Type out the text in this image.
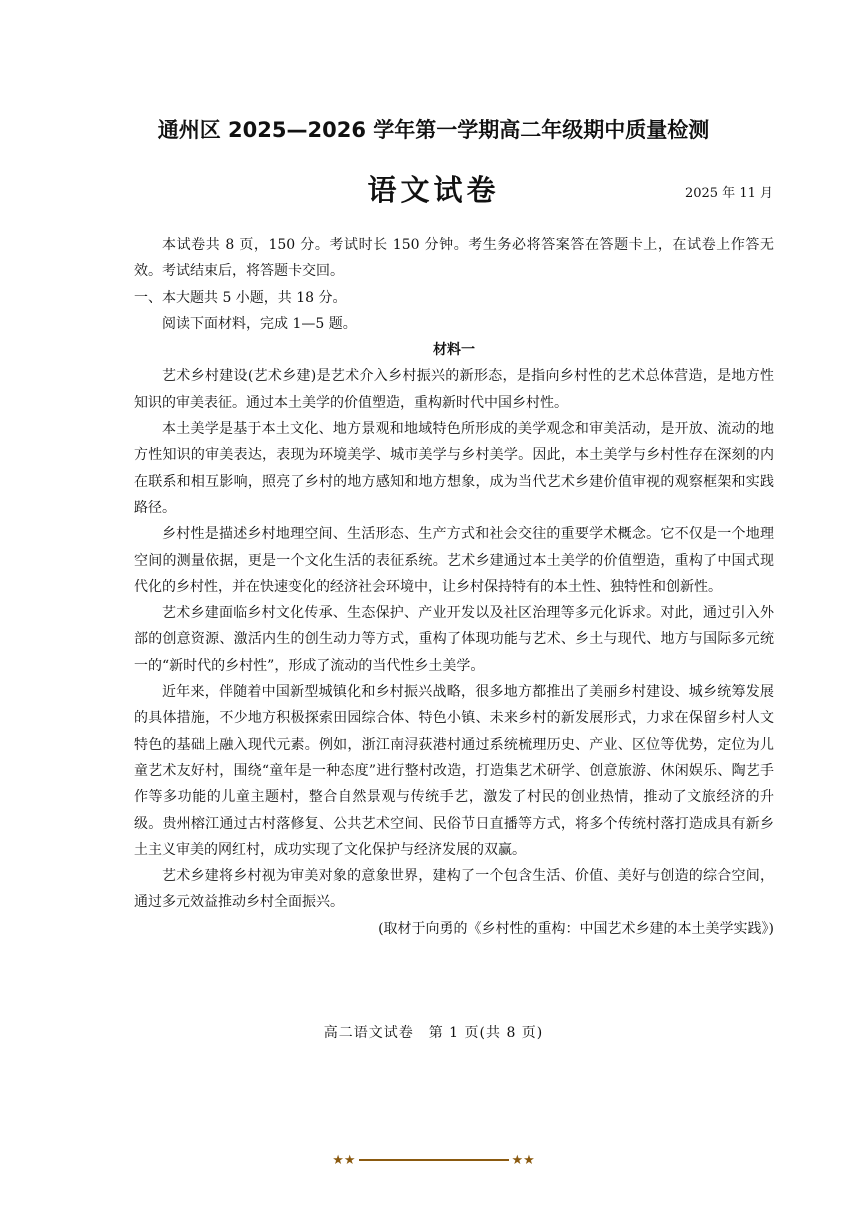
通州区 2025—2026 学年第一学期高二年级期中质量检测
语文试卷	2025 年 11 月

本试卷共 8 页，150 分。考试时长 150 分钟。考生务必将答案答在答题卡上，在试卷上作答无效。考试结束后，将答题卡交回。

一、本大题共 5 小题，共 18 分。

阅读下面材料，完成 1—5 题。

材料一

艺术乡村建设(艺术乡建)是艺术介入乡村振兴的新形态，是指向乡村性的艺术总体营造，是地方性知识的审美表征。通过本土美学的价值塑造，重构新时代中国乡村性。

本土美学是基于本土文化、地方景观和地域特色所形成的美学观念和审美活动，是开放、流动的地方性知识的审美表达，表现为环境美学、城市美学与乡村美学。因此，本土美学与乡村性存在深刻的内在联系和相互影响，照亮了乡村的地方感知和地方想象，成为当代艺术乡建价值审视的观察框架和实践路径。

乡村性是描述乡村地理空间、生活形态、生产方式和社会交往的重要学术概念。它不仅是一个地理空间的测量依据，更是一个文化生活的表征系统。艺术乡建通过本土美学的价值塑造，重构了中国式现代化的乡村性，并在快速变化的经济社会环境中，让乡村保持特有的本土性、独特性和创新性。

艺术乡建面临乡村文化传承、生态保护、产业开发以及社区治理等多元化诉求。对此，通过引入外部的创意资源、激活内生的创生动力等方式，重构了体现功能与艺术、乡土与现代、地方与国际多元统一的“新时代的乡村性”，形成了流动的当代性乡土美学。

近年来，伴随着中国新型城镇化和乡村振兴战略，很多地方都推出了美丽乡村建设、城乡统筹发展的具体措施，不少地方积极探索田园综合体、特色小镇、未来乡村的新发展形式，力求在保留乡村人文特色的基础上融入现代元素。例如，浙江南浔荻港村通过系统梳理历史、产业、区位等优势，定位为儿童艺术友好村，围绕“童年是一种态度”进行整村改造，打造集艺术研学、创意旅游、休闲娱乐、陶艺手作等多功能的儿童主题村，整合自然景观与传统手艺，激发了村民的创业热情，推动了文旅经济的升级。贵州榕江通过古村落修复、公共艺术空间、民俗节日直播等方式，将多个传统村落打造成具有新乡土主义审美的网红村，成功实现了文化保护与经济发展的双赢。

艺术乡建将乡村视为审美对象的意象世界，建构了一个包含生活、价值、美好与创造的综合空间，通过多元效益推动乡村全面振兴。

(取材于向勇的《乡村性的重构：中国艺术乡建的本土美学实践》)

高二语文试卷　第 1 页(共 8 页)
★★	★★
